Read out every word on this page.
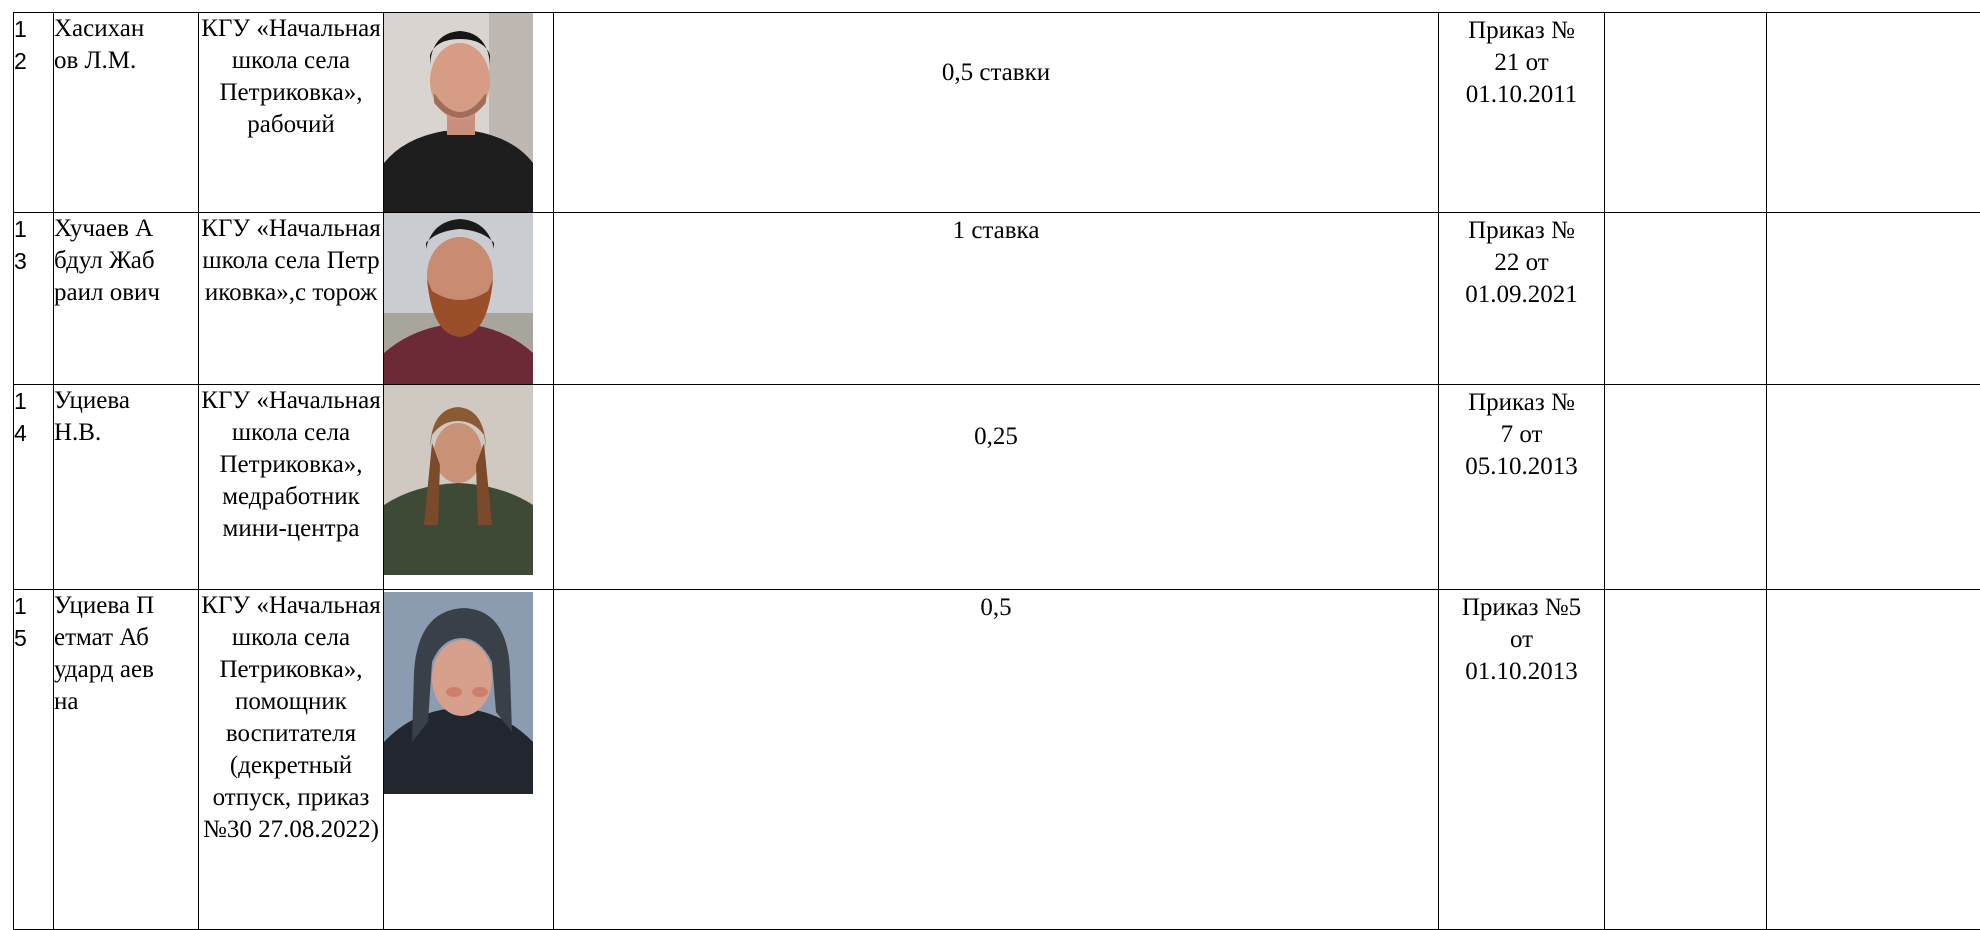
1
2	Хасихан ов Л.М.	КГУ «Начальная школа села Петриковка», рабочий		0,5 ставки	Приказ № 21 от 01.10.2011		

1
3	Хучаев Абдул Жабраил ович	КГУ «Начальная школа села Петриковка»,с торож		1 ставка	Приказ № 22 от 01.09.2021		

1
4	Уциева Н.В.	КГУ «Начальная школа села Петриковка», медработник мини-центра		0,25	Приказ № 7 от 05.10.2013		

1
5	Уциева Петмат Абудард аевна	КГУ «Начальная школа села Петриковка», помощник воспитателя (декретный отпуск, приказ №30 27.08.2022)		0,5	Приказ №5 от 01.10.2013		
